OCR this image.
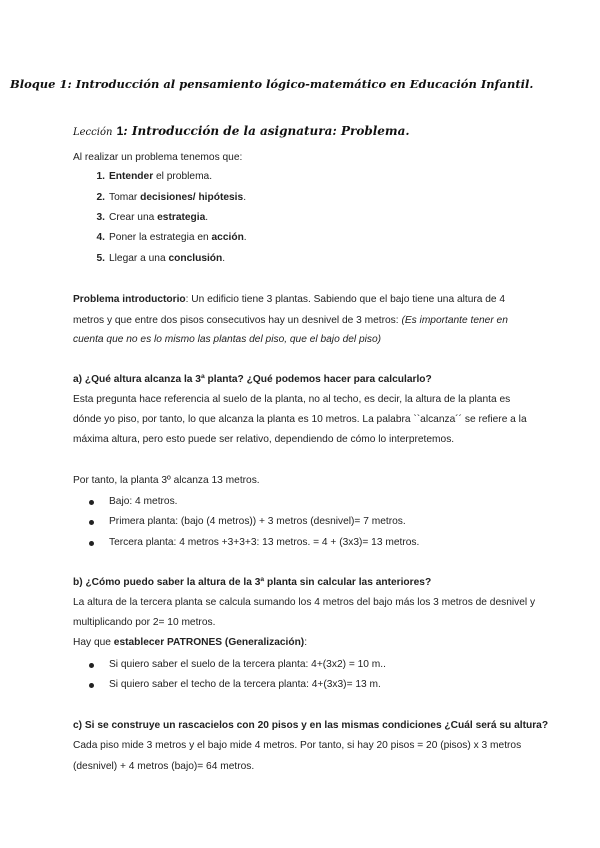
Bloque 1: Introducción al pensamiento lógico-matemático en Educación Infantil.
Lección 1: Introducción de la asignatura: Problema.
Al realizar un problema tenemos que:
1. Entender el problema.
2. Tomar decisiones/ hipótesis.
3. Crear una estrategia.
4. Poner la estrategia en acción.
5. Llegar a una conclusión.
Problema introductorio: Un edificio tiene 3 plantas. Sabiendo que el bajo tiene una altura de 4
metros y que entre dos pisos consecutivos hay un desnivel de 3 metros: (Es importante tener en
cuenta que no es lo mismo las plantas del piso, que el bajo del piso)
a) ¿Qué altura alcanza la 3ª planta? ¿Qué podemos hacer para calcularlo?
Esta pregunta hace referencia al suelo de la planta, no al techo, es decir, la altura de la planta es
dónde yo piso, por tanto, lo que alcanza la planta es 10 metros. La palabra ``alcanza´´ se refiere a la
máxima altura, pero esto puede ser relativo, dependiendo de cómo lo interpretemos.
Por tanto, la planta 3º alcanza 13 metros.
Bajo: 4 metros.
Primera planta: (bajo (4 metros)) + 3 metros (desnivel)= 7 metros.
Tercera planta: 4 metros +3+3+3: 13 metros. = 4 + (3x3)= 13 metros.
b) ¿Cómo puedo saber la altura de la 3ª planta sin calcular las anteriores?
La altura de la tercera planta se calcula sumando los 4 metros del bajo más los 3 metros de desnivel y
multiplicando por 2= 10 metros.
Hay que establecer PATRONES (Generalización):
Si quiero saber el suelo de la tercera planta: 4+(3x2) = 10 m..
Si quiero saber el techo de la tercera planta: 4+(3x3)= 13 m.
c) Si se construye un rascacielos con 20 pisos y en las mismas condiciones ¿Cuál será su altura?
Cada piso mide 3 metros y el bajo mide 4 metros. Por tanto, si hay 20 pisos = 20 (pisos) x 3 metros
(desnivel) + 4 metros (bajo)= 64 metros.
